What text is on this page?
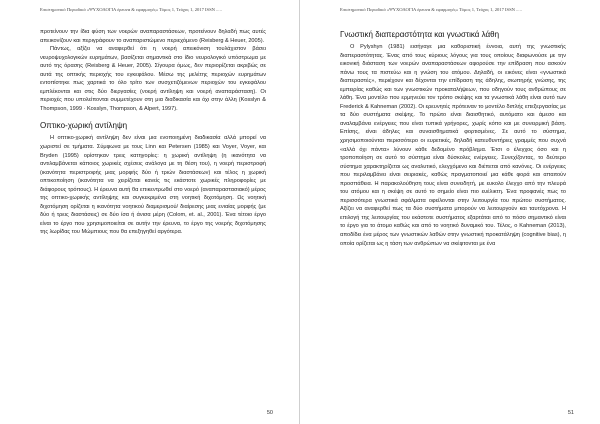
Επιστημονικό Περιοδικό «ΨΥΧΟΛΟΓΙΑ έρευνα & εφαρμογές» Τόμος 1, Τεύχος 1, 2017 ISSN .....

προτείνουν την ίδια φύση των νοερών αναπαραστάσεων, προτείνουν δηλαδή πως αυτές απεικονίζουν και περιγράφουν το αναπαριστώμενο περιεχόμενο (Reisberg & Heuer, 2005).

Πάντως, αξίζει να αναφερθεί ότι η νοερή απεικόνιση τουλάχιστον βάσει νευροψυχολογικών ευρημάτων, βασίζεται σημαντικά στο ίδιο νευρολογικό υπόστρωμα με αυτό της όρασης (Reisberg & Heuer, 2005). Σίγουρα όμως, δεν περιορίζεται ακριβώς σε αυτά της οπτικής περιοχής του εγκεφάλου. Μέσω της μελέτης περιοχών ευρημάτων εντοπίστηκε πως χαρτικά το όλο τρίτο των συσχετιζόμενων περιοχών του εγκεφάλου εμπλέκονται και στις δύο διεργασίες (νοερή αντίληψη και νοερή αναπαράσταση). Οι περιοχές που υπολείπονται συμμετέχουν στη μια διαδικασία και όχι στην άλλη (Kosslyn & Thompson, 1999 · Kosslyn, Thompson, & Alpert, 1997).

Οπτικο-χωρική αντίληψη

Η οπτικο-χωρική αντίληψη δεν είναι μια ενοποιημένη διαδικασία αλλά μπορεί να χωριστεί σε τμήματα. Σύμφωνα με τους Linn και Petersen (1985) και Voyer, Voyer, και Bryden (1995) ορίστηκαν τρεις κατηγορίες: η χωρική αντίληψη (η ικανότητα να αντιλαμβάνεται κάποιος χωρικές σχέσεις ανάλογα με τη θέση του), η νοερή περιστροφή (ικανότητα περιστροφής μιας μορφής δύο ή τριών διαστάσεων) και τέλος η χωρική οπτικοποίηση (ικανότητα να χειρίζεται κανείς τις εκάστοτε χωρικές πληροφορίες με διάφορους τρόπους). Η έρευνα αυτή θα επικεντρωθεί στο νοερό (αναπαραστασιακό) μέρος της οπτικο-χωρικής αντίληψης και συγκεκριμένα στη νοητική διχοτόμηση. Ως νοητική διχοτόμηση ορίζεται η ικανότητα νοητικού διαμερισμού/ διαίρεσης μιας ενιαίας μορφής (με δύο ή τρεις διαστάσεις) σε δύο ίσα ή άνισα μέρη (Colom, et. al., 2001). Ένα τέτοιο έργο είναι το έργο που χρησιμοποιείται σε αυτήν την έρευνα, το έργο της νοερής διχοτόμησης της λωρίδας του Μώμπιους που θα επεξηγηθεί αργότερα.

50
Επιστημονικό Περιοδικό «ΨΥΧΟΛΟΓΙΑ έρευνα & εφαρμογές» Τόμος 1, Τεύχος 1, 2017 ISSN .....
Γνωστική διαπεραστότητα και γνωστικά λάθη

O Pylyshyn (1981) εισήγαγε μια καθοριστική έννοια, αυτή της γνωστικής διαπεραστότητας. Ένας από τους κύριους λόγους για τους οποίους διαφωνούσε με την εικονική διάσταση των νοερών αναπαραστάσεων αφορούσε την επίδραση που ασκούν πάνω τους τα πιστεύω και η γνώση του ατόμου. Δηλαδή, οι εικόνες είναι «γνωστικά διαπεραστές», περιέχουν και δέχονται την επίδραση της άδηλης, σιωπηρής γνώσης, της εμπειρίας καθώς και των γνωστικών προκαταλήψεων, που οδηγούν τους ανθρώπους σε λάθη. Ένα μοντέλο που ερμηνεύει τον τρόπο σκέψης και τα γνωστικά λάθη είναι αυτό των Frederick & Kahneman (2002). Οι ερευνητές πρότειναν το μοντέλο διπλής επεξεργασίας με τα δύο συστήματα σκέψης. Το πρώτο είναι διαισθητικό, αυτόματο και άμεσο και αναλαμβάνει ενέργειες που είναι τυπικά γρήγορες, χωρίς κόπο και με συνειρμική βάση. Επίσης, είναι άδηλες και συναισθηματικά φορτισμένες. Σε αυτό το σύστημα, χρησιμοποιούνται περισσότερο οι ευρετικές, δηλαδή κατευθυντήριες γραμμές που συχνά «αλλά όχι πάντα» λύνουν κάθε δεδομένο πρόβλημα. Έτσι ο έλεγχος όσο και η τροποποίηση σε αυτό το σύστημα είναι δύσκολες ενέργειες. Συνεχίζοντας, το δεύτερο σύστημα χαρακτηρίζεται ως αναλυτικό, ελεγχόμενο και διέπεται από κανόνες. Οι ενέργειες που περιλαμβάνει είναι σειριακές, καθώς πραγματοποιεί μια κάθε φορά και απαιτούν προσπάθεια. Η παρακολούθηση τους είναι συνειδητή, με ευκολο έλεγχο από την πλευρά του ατόμου και η σκέψη σε αυτό το σημείο είναι πιο ευέλικτη. Ένα προφανές πως το περισσότερα γνωστικά σφάλματα οφείλονται στην λειτουργία του πρώτου συστήματος. Αξίζει να αναφερθεί πως τα δύο συστήματα μπορούν να λειτουργούν και ταυτόχρονα. Η επιλογή της λειτουργίας του εκάστοτε συστήματος εξαρτάται από το πόσο σημαντικό είναι το έργο για το άτομο καθώς και από το νοητικό δυναμικό του. Τέλος, ο Kahneman (2013), αποδίδει ένα μέρος των γνωστικών λαθών στην γνωστική προκατάληψη (cognitive bias), η οποία ορίζεται ως η τάση των ανθρώπων να σκέφτονται με ένα

51
